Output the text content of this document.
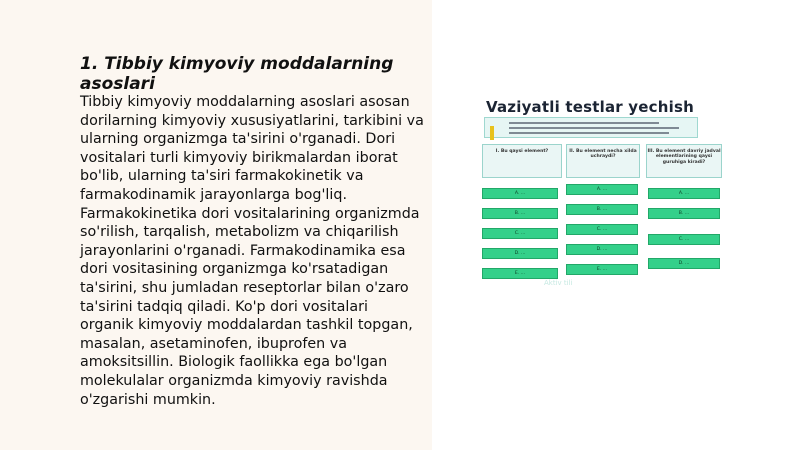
1. Tibbiy kimyoviy moddalarning asoslari

Tibbiy kimyoviy moddalarning asoslari asosan dorilarning kimyoviy xususiyatlarini, tarkibini va ularning organizmga ta'sirini o'rganadi. Dori vositalari turli kimyoviy birikmalardan iborat bo'lib, ularning ta'siri farmakokinetik va farmakodinamik jarayonlarga bog'liq. Farmakokinetika dori vositalarining organizmda so'rilish, tarqalish, metabolizm va chiqarilish jarayonlarini o'rganadi. Farmakodinamika esa dori vositasining organizmga ko'rsatadigan ta'sirini, shu jumladan reseptorlar bilan o'zaro ta'sirini tadqiq qiladi. Ko'p dori vositalari organik kimyoviy moddalardan tashkil topgan, masalan, asetaminofen, ibuprofen va amoksitsillin. Biologik faollikka ega bo'lgan molekulalar organizmda kimyoviy ravishda o'zgarishi mumkin.

Vaziyatli testlar yechish
I. Bu qaysi element?
A. ...
B. ...
C. ...
D. ...
E. ...
II. Bu element necha xilda uchraydi?
A. ...
B. ...
C. ...
D. ...
E. ...
III. Bu element davriy jadval elementlarining qaysi guruhiga kiradi?
A. ...
B. ...
C. ...
D. ...
Aktiv tili
